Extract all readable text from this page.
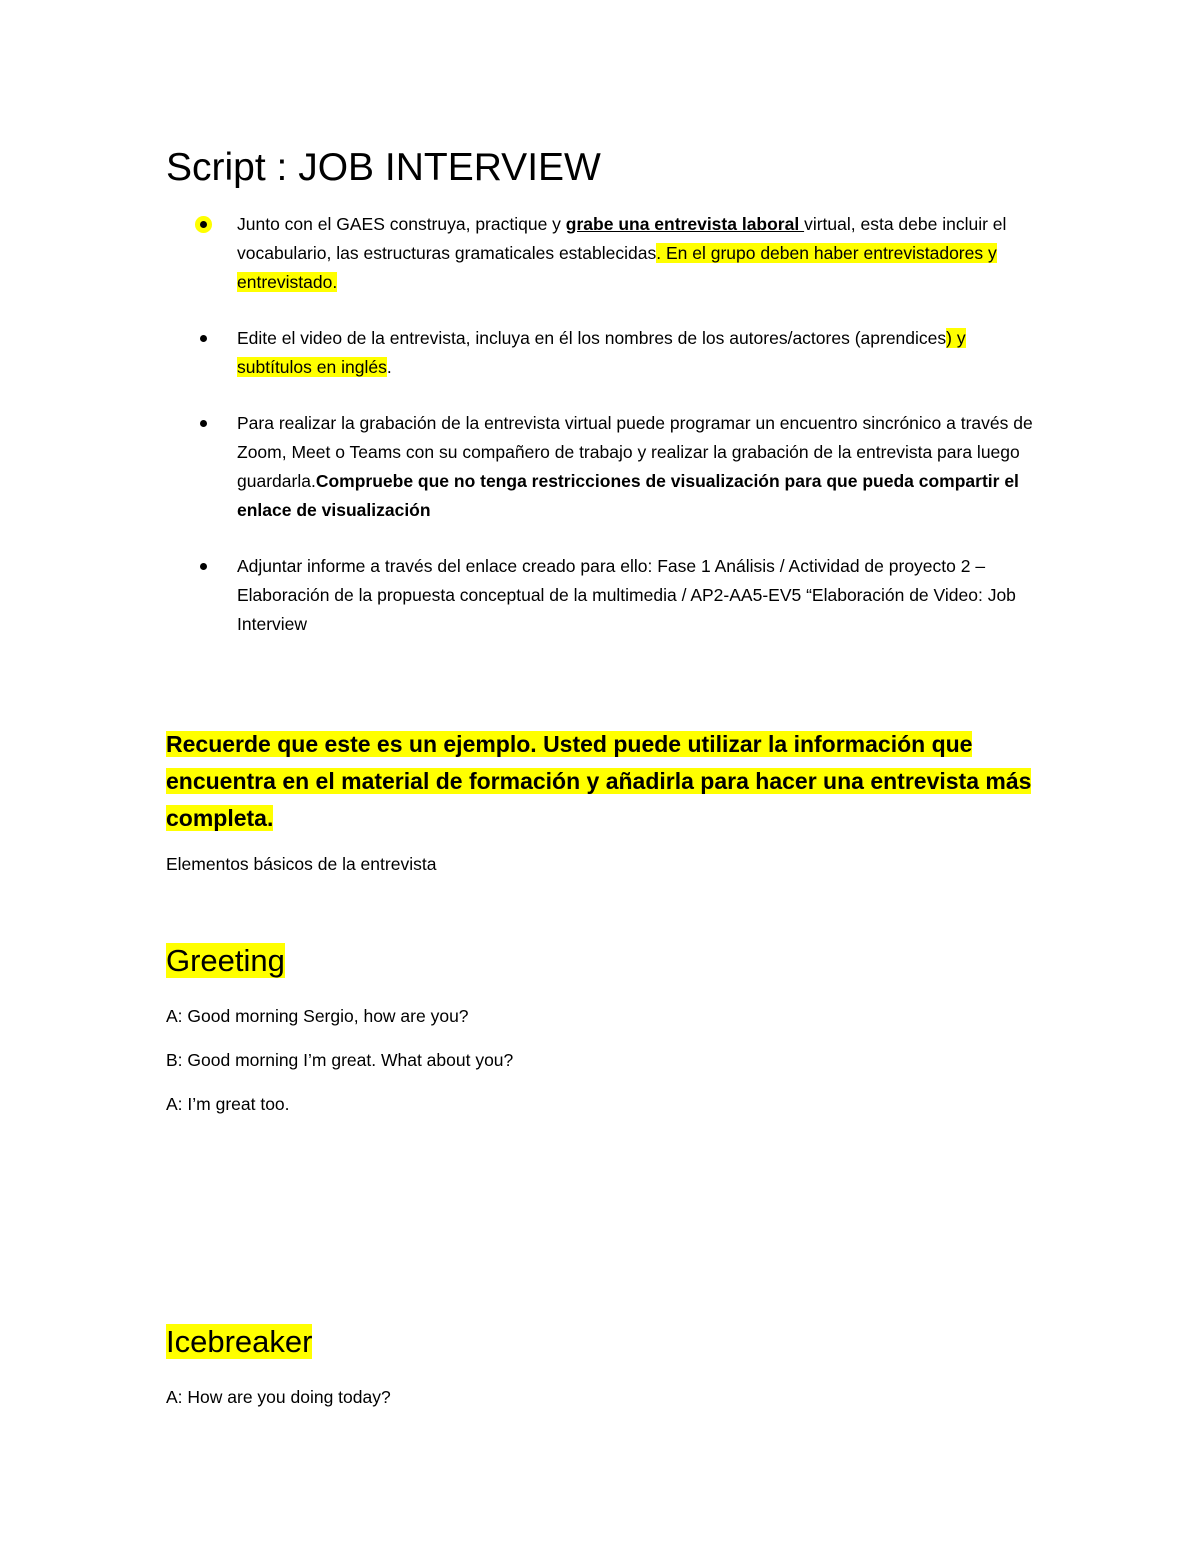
Script : JOB INTERVIEW
Junto con el GAES construya, practique y grabe una entrevista laboral virtual, esta debe incluir el vocabulario, las estructuras gramaticales establecidas. En el grupo deben haber entrevistadores y entrevistado.
Edite el video de la entrevista, incluya en él los nombres de los autores/actores (aprendices) y subtítulos en inglés.
Para realizar la grabación de la entrevista virtual puede programar un encuentro sincrónico a través de Zoom, Meet o Teams con su compañero de trabajo y realizar la grabación de la entrevista para luego guardarla.Compruebe que no tenga restricciones de visualización para que pueda compartir el enlace de visualización
Adjuntar informe a través del enlace creado para ello: Fase 1 Análisis / Actividad de proyecto 2 – Elaboración de la propuesta conceptual de la multimedia / AP2-AA5-EV5 “Elaboración de Video: Job Interview
Recuerde que este es un ejemplo. Usted puede utilizar la información que encuentra en el material de formación y añadirla para hacer una entrevista más completa.
Elementos básicos de la entrevista
Greeting
A: Good morning Sergio, how are you?
B: Good morning I’m great. What about you?
A: I’m great too.
Icebreaker
A: How are you doing today?
